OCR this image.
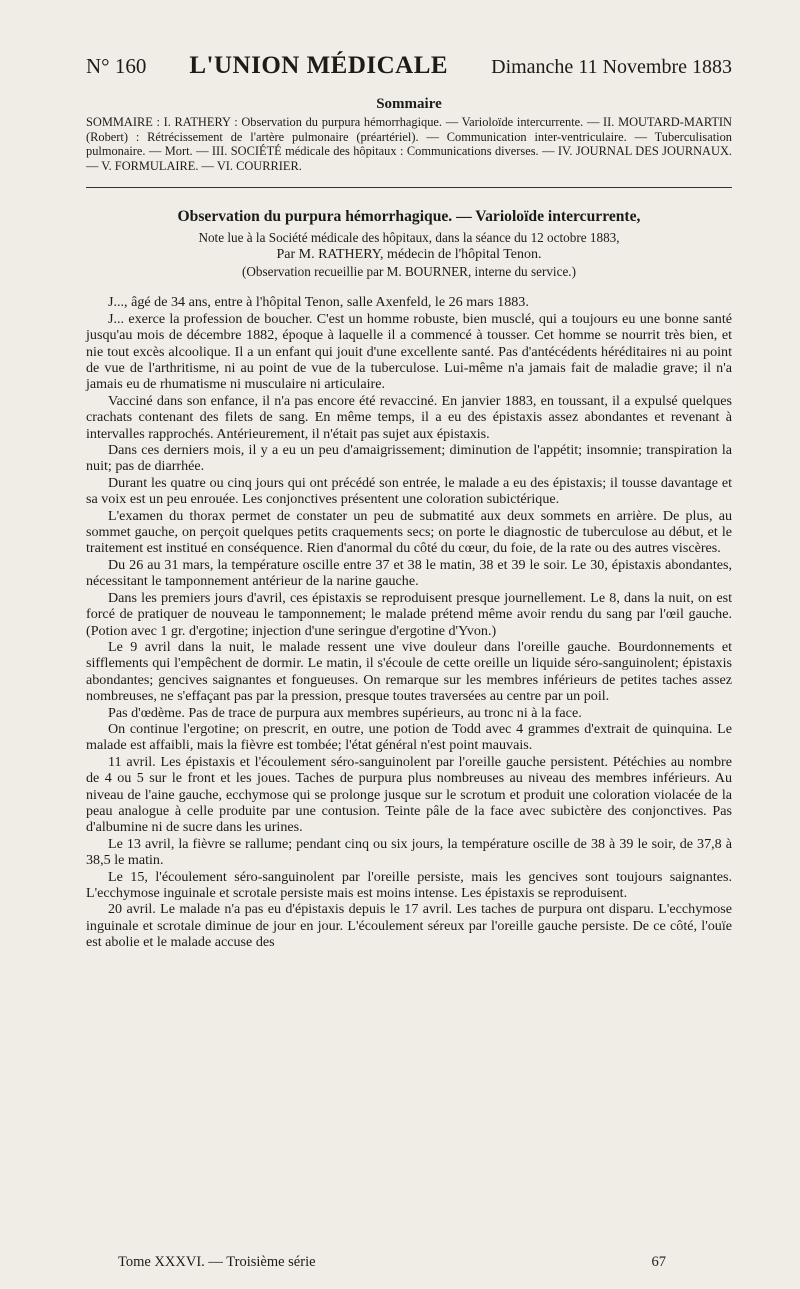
N° 160 L'UNION MÉDICALE Dimanche 11 Novembre 1883
Sommaire
SOMMAIRE : I. RATHERY : Observation du purpura hémorrhagique. — Varioloïde intercurrente. — II. MOUTARD-MARTIN (Robert) : Rétrécissement de l'artère pulmonaire (préartériel). — Communication inter-ventriculaire. — Tuberculisation pulmonaire. — Mort. — III. SOCIÉTÉ médicale des hôpitaux : Communications diverses. — IV. JOURNAL DES JOURNAUX. — V. FORMULAIRE. — VI. COURRIER.
Observation du purpura hémorrhagique. — Varioloïde intercurrente,
Note lue à la Société médicale des hôpitaux, dans la séance du 12 octobre 1883,
Par M. RATHERY, médecin de l'hôpital Tenon.
(Observation recueillie par M. BOURNER, interne du service.)

J..., âgé de 34 ans, entre à l'hôpital Tenon, salle Axenfeld, le 26 mars 1883.

J... exerce la profession de boucher. C'est un homme robuste, bien musclé, qui a toujours eu une bonne santé jusqu'au mois de décembre 1882, époque à laquelle il a commencé à tousser. Cet homme se nourrit très bien, et nie tout excès alcoolique. Il a un enfant qui jouit d'une excellente santé. Pas d'antécédents héréditaires ni au point de vue de l'arthritisme, ni au point de vue de la tuberculose. Lui-même n'a jamais fait de maladie grave; il n'a jamais eu de rhumatisme ni musculaire ni articulaire.

Vacciné dans son enfance, il n'a pas encore été revacciné. En janvier 1883, en toussant, il a expulsé quelques crachats contenant des filets de sang. En même temps, il a eu des épistaxis assez abondantes et revenant à intervalles rapprochés. Antérieurement, il n'était pas sujet aux épistaxis.

Dans ces derniers mois, il y a eu un peu d'amaigrissement; diminution de l'appétit; insomnie; transpiration la nuit; pas de diarrhée.

Durant les quatre ou cinq jours qui ont précédé son entrée, le malade a eu des épistaxis; il tousse davantage et sa voix est un peu enrouée. Les conjonctives présentent une coloration subictérique.

L'examen du thorax permet de constater un peu de submatité aux deux sommets en arrière. De plus, au sommet gauche, on perçoit quelques petits craquements secs; on porte le diagnostic de tuberculose au début, et le traitement est institué en conséquence. Rien d'anormal du côté du cœur, du foie, de la rate ou des autres viscères.

Du 26 au 31 mars, la température oscille entre 37 et 38 le matin, 38 et 39 le soir. Le 30, épistaxis abondantes, nécessitant le tamponnement antérieur de la narine gauche.

Dans les premiers jours d'avril, ces épistaxis se reproduisent presque journellement. Le 8, dans la nuit, on est forcé de pratiquer de nouveau le tamponnement; le malade prétend même avoir rendu du sang par l'œil gauche. (Potion avec 1 gr. d'ergotine; injection d'une seringue d'ergotine d'Yvon.)

Le 9 avril dans la nuit, le malade ressent une vive douleur dans l'oreille gauche. Bourdonnements et sifflements qui l'empêchent de dormir. Le matin, il s'écoule de cette oreille un liquide séro-sanguinolent; épistaxis abondantes; gencives saignantes et fongueuses. On remarque sur les membres inférieurs de petites taches assez nombreuses, ne s'effaçant pas par la pression, presque toutes traversées au centre par un poil.

Pas d'œdème. Pas de trace de purpura aux membres supérieurs, au tronc ni à la face.

On continue l'ergotine; on prescrit, en outre, une potion de Todd avec 4 grammes d'extrait de quinquina. Le malade est affaibli, mais la fièvre est tombée; l'état général n'est point mauvais.

11 avril. Les épistaxis et l'écoulement séro-sanguinolent par l'oreille gauche persistent. Pétéchies au nombre de 4 ou 5 sur le front et les joues. Taches de purpura plus nombreuses au niveau des membres inférieurs. Au niveau de l'aine gauche, ecchymose qui se prolonge jusque sur le scrotum et produit une coloration violacée de la peau analogue à celle produite par une contusion. Teinte pâle de la face avec subictère des conjonctives. Pas d'albumine ni de sucre dans les urines.

Le 13 avril, la fièvre se rallume; pendant cinq ou six jours, la température oscille de 38 à 39 le soir, de 37,8 à 38,5 le matin.

Le 15, l'écoulement séro-sanguinolent par l'oreille persiste, mais les gencives sont toujours saignantes. L'ecchymose inguinale et scrotale persiste mais est moins intense. Les épistaxis se reproduisent.

20 avril. Le malade n'a pas eu d'épistaxis depuis le 17 avril. Les taches de purpura ont disparu. L'ecchymose inguinale et scrotale diminue de jour en jour. L'écoulement séreux par l'oreille gauche persiste. De ce côté, l'ouïe est abolie et le malade accuse des

Tome XXXVI. — Troisième série	67
